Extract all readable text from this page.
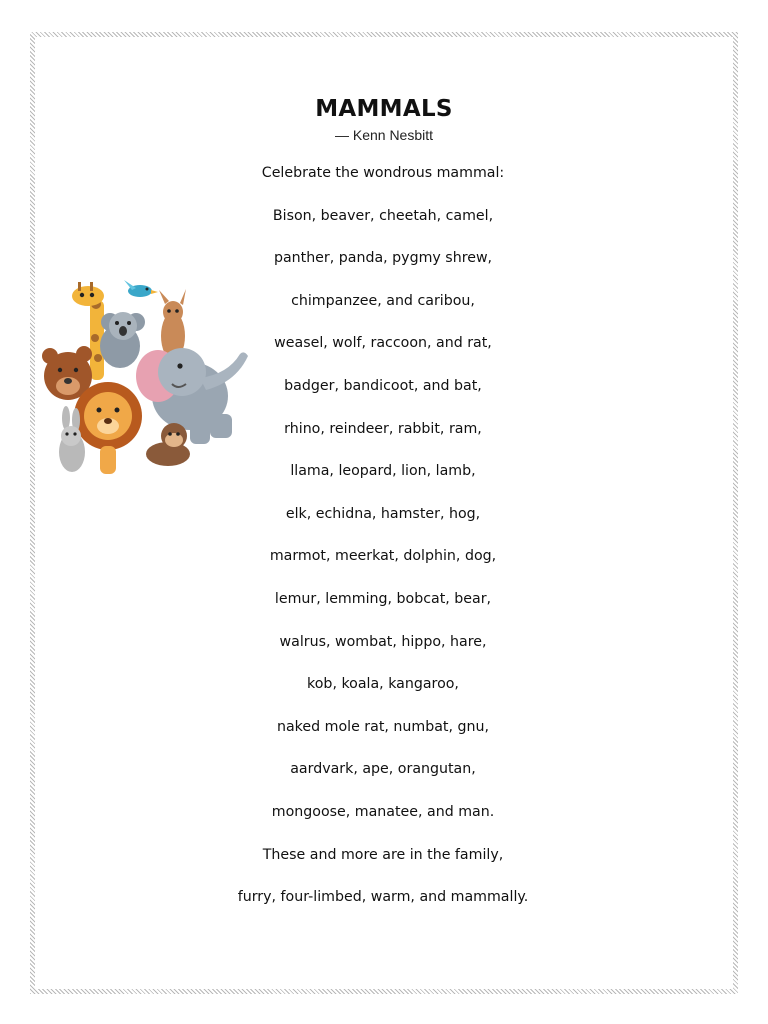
MAMMALS
— Kenn Nesbitt
Celebrate the wondrous mammal:
Bison, beaver, cheetah, camel,
panther, panda, pygmy shrew,
chimpanzee, and caribou,
weasel, wolf, raccoon, and rat,
badger, bandicoot, and bat,
rhino, reindeer, rabbit, ram,
llama, leopard, lion, lamb,
elk, echidna, hamster, hog,
marmot, meerkat, dolphin, dog,
lemur, lemming, bobcat, bear,
walrus, wombat, hippo, hare,
kob, koala, kangaroo,
naked mole rat, numbat, gnu,
aardvark, ape, orangutan,
mongoose, manatee, and man.
These and more are in the family,
furry, four-limbed, warm, and mammally.
